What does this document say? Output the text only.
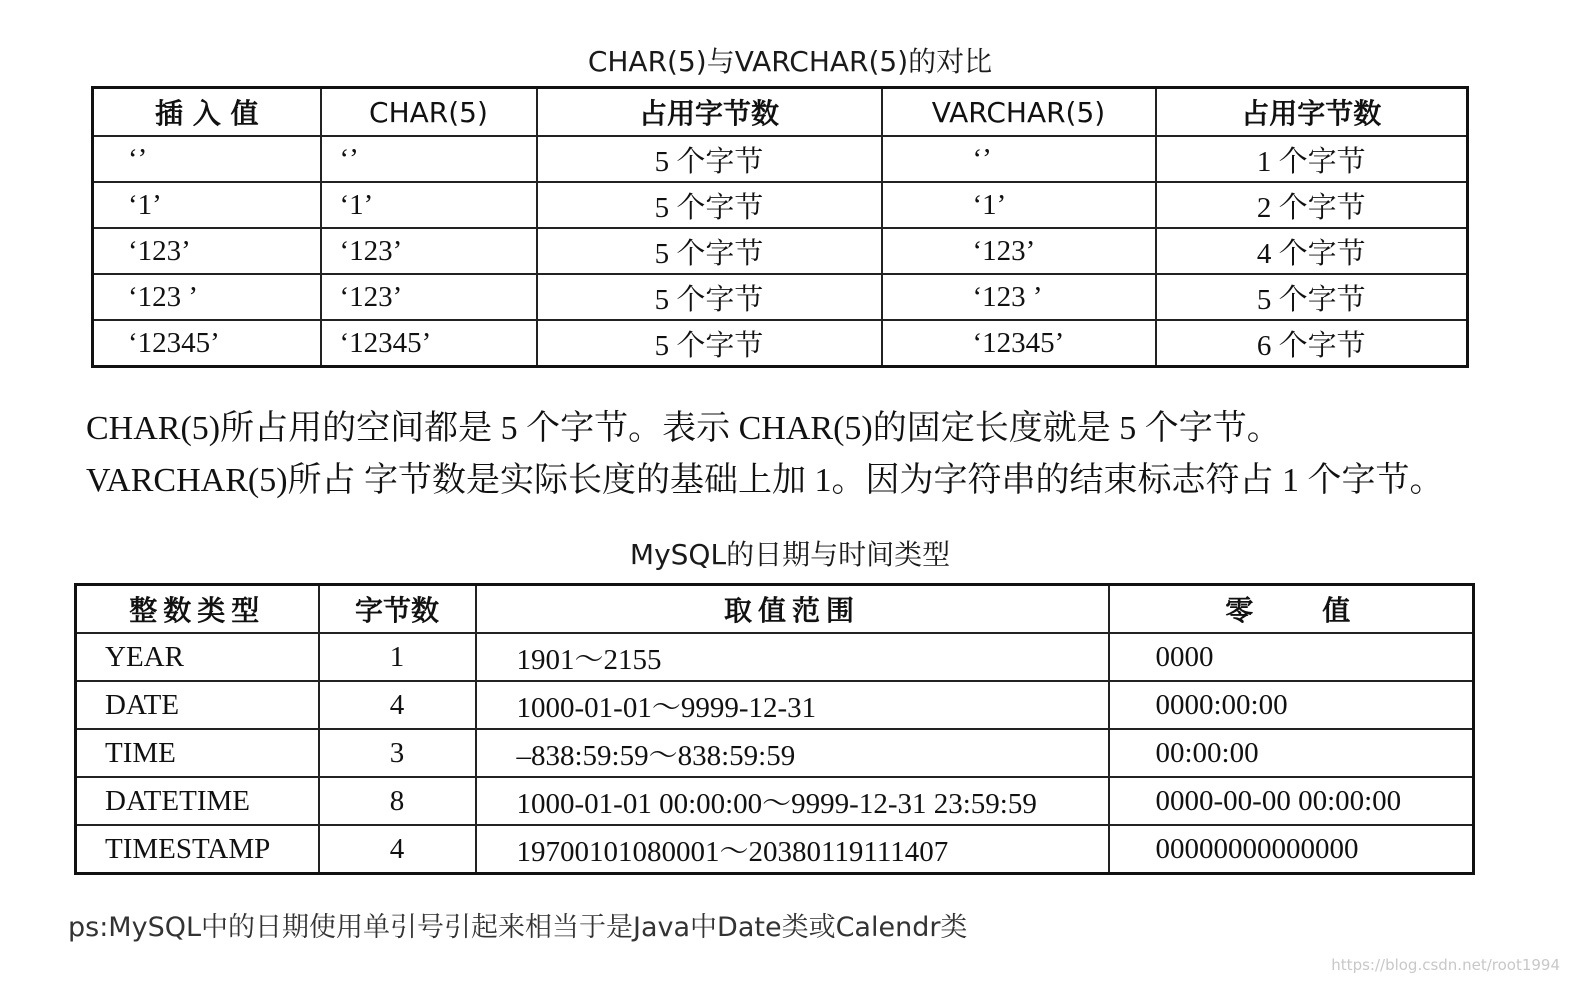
CHAR(5)与VARCHAR(5)的对比
插 入 值	CHAR(5)	占用字节数	VARCHAR(5)	占用字节数
‘’	‘’	5 个字节	‘’	1 个字节
‘1’	‘1’	5 个字节	‘1’	2 个字节
‘123’	‘123’	5 个字节	‘123’	4 个字节
‘123 ’	‘123’	5 个字节	‘123 ’	5 个字节
‘12345’	‘12345’	5 个字节	‘12345’	6 个字节
CHAR(5)所占用的空间都是 5 个字节。表示 CHAR(5)的固定长度就是 5 个字节。
VARCHAR(5)所占 字节数是实际长度的基础上加 1。因为字符串的结束标志符占 1 个字节。
MySQL的日期与时间类型
整数类型	字节数	取值范围	零    值
YEAR	1	1901～2155	0000
DATE	4	1000-01-01～9999-12-31	0000:00:00
TIME	3	–838:59:59～838:59:59	00:00:00
DATETIME	8	1000-01-01 00:00:00～9999-12-31 23:59:59	0000-00-00 00:00:00
TIMESTAMP	4	19700101080001～20380119111407	00000000000000
ps:MySQL中的日期使用单引号引起来相当于是Java中Date类或Calendr类
https://blog.csdn.net/root1994
